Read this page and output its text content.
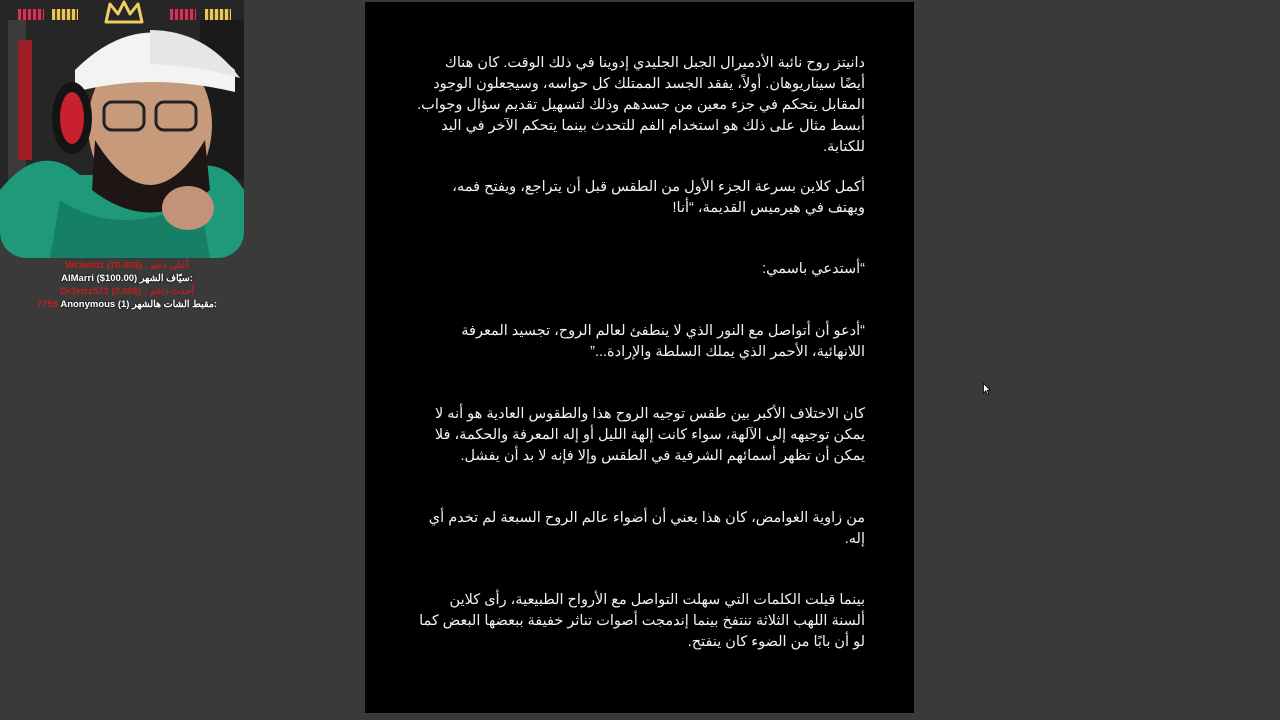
Wr3e0dz (70.00$) : أعلى دعم
AlMarri ($100.00) سيّاف الشهر:
Dr3etrz573 (2.00$) : أحدث داعم
7756 Anonymous (1) مقبط الشات هالشهر:
دانيتز روح نائبة الأدميرال الجبل الجليدي إدوينا في ذلك الوقت. كان هناك أيضًا سيناريوهان. أولاً، يفقد الجسد الممتلك كل حواسه، وسيجعلون الوجود المقابل يتحكم في جزء معين من جسدهم وذلك لتسهيل تقديم سؤال وجواب. أبسط مثال على ذلك هو استخدام الفم للتحدث بينما يتحكم الآخر في اليد للكتابة.
أكمل كلاين بسرعة الجزء الأول من الطقس قبل أن يتراجع، ويفتح فمه، ويهتف في هيرميس القديمة، “أنا!
“أستدعي باسمي:
“أدعو أن أتواصل مع النور الذي لا ينطفئ لعالم الروح، تجسيد المعرفة اللانهائية، الأحمر الذي يملك السلطة والإرادة...”
كان الاختلاف الأكبر بين طقس توجيه الروح هذا والطقوس العادية هو أنه لا يمكن توجيهه إلى الآلهة، سواء كانت إلهة الليل أو إله المعرفة والحكمة، فلا يمكن أن تظهر أسمائهم الشرفية في الطقس وإلا فإنه لا بد أن يفشل.
من زاوية الغوامض، كان هذا يعني أن أضواء عالم الروح السبعة لم تخدم أي إله.
بينما قيلت الكلمات التي سهلت التواصل مع الأرواح الطبيعية، رأى كلاين ألسنة اللهب الثلاثة تنتفخ بينما إندمجت أصوات تناثر خفيفة ببعضها البعض كما لو أن بابًا من الضوء كان ينفتح.
